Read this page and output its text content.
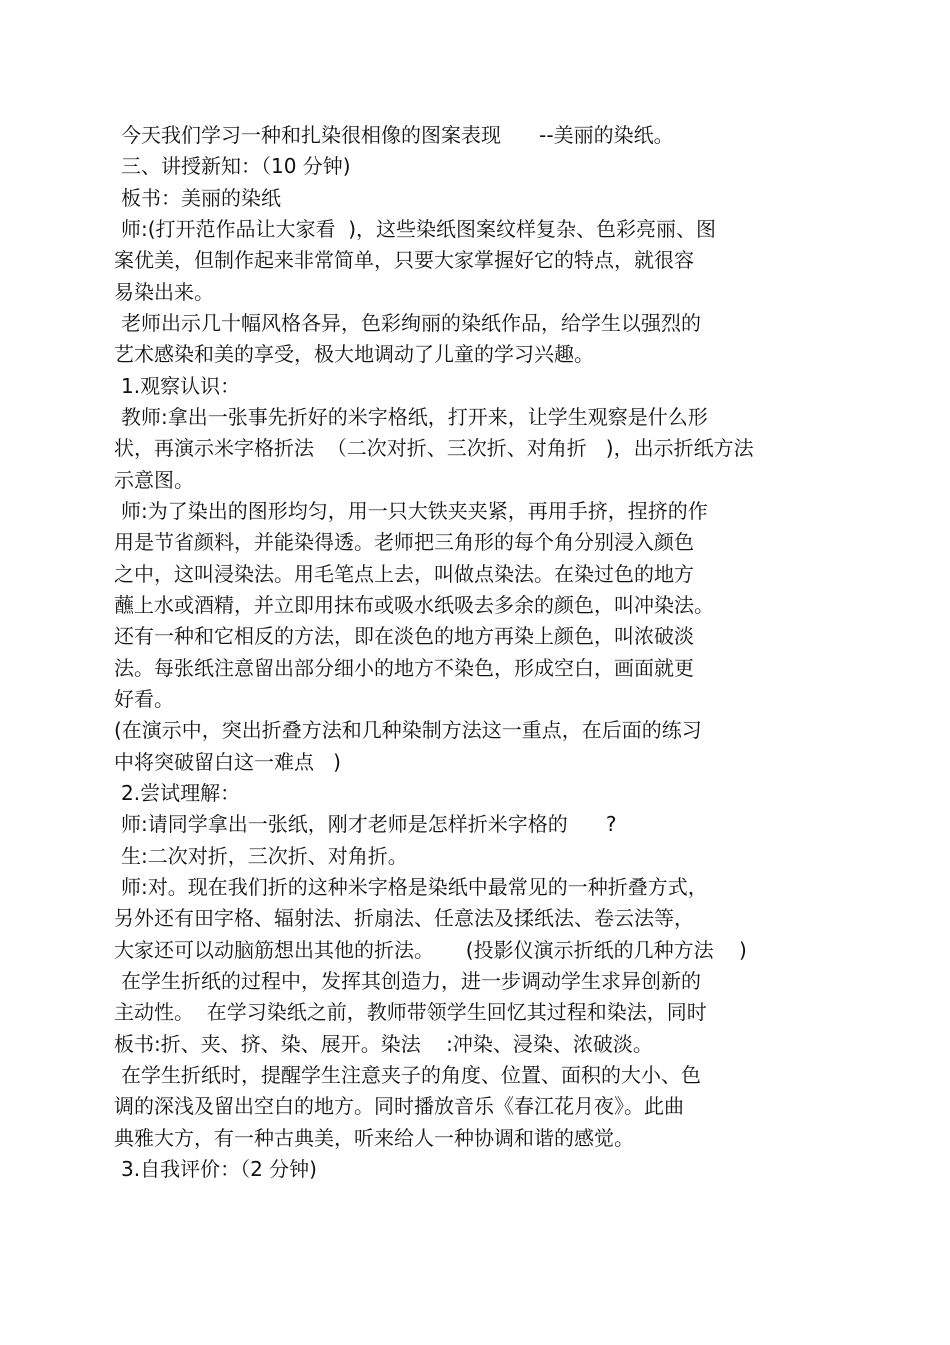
今天我们学习一种和扎染很相像的图案表现      --美丽的染纸。
三、讲授新知：（10 分钟)
板书：美丽的染纸
师:(打开范作品让大家看  )，这些染纸图案纹样复杂、色彩亮丽、图
案优美，但制作起来非常简单，只要大家掌握好它的特点，就很容
易染出来。
老师出示几十幅风格各异，色彩绚丽的染纸作品，给学生以强烈的
艺术感染和美的享受，极大地调动了儿童的学习兴趣。
1.观察认识：
教师:拿出一张事先折好的米字格纸，打开来，让学生观察是什么形
状，再演示米字格折法  （二次对折、三次折、对角折   )，出示折纸方法
示意图。
师:为了染出的图形均匀，用一只大铁夹夹紧，再用手挤，捏挤的作
用是节省颜料，并能染得透。老师把三角形的每个角分别浸入颜色
之中，这叫浸染法。用毛笔点上去，叫做点染法。在染过色的地方
蘸上水或酒精，并立即用抹布或吸水纸吸去多余的颜色，叫冲染法。
还有一种和它相反的方法，即在淡色的地方再染上颜色，叫浓破淡
法。每张纸注意留出部分细小的地方不染色，形成空白，画面就更
好看。
(在演示中，突出折叠方法和几种染制方法这一重点，在后面的练习
中将突破留白这一难点   )
2.尝试理解：
师:请同学拿出一张纸，刚才老师是怎样折米字格的      ?
生:二次对折，三次折、对角折。
师:对。现在我们折的这种米字格是染纸中最常见的一种折叠方式，
另外还有田字格、辐射法、折扇法、任意法及揉纸法、卷云法等，
大家还可以动脑筋想出其他的折法。     (投影仪演示折纸的几种方法    )
在学生折纸的过程中，发挥其创造力，进一步调动学生求异创新的
主动性。  在学习染纸之前，教师带领学生回忆其过程和染法，同时
板书:折、夹、挤、染、展开。染法    :冲染、浸染、浓破淡。
在学生折纸时，提醒学生注意夹子的角度、位置、面积的大小、色
调的深浅及留出空白的地方。同时播放音乐《春江花月夜》。此曲
典雅大方，有一种古典美，听来给人一种协调和谐的感觉。
3.自我评价：（2 分钟)
